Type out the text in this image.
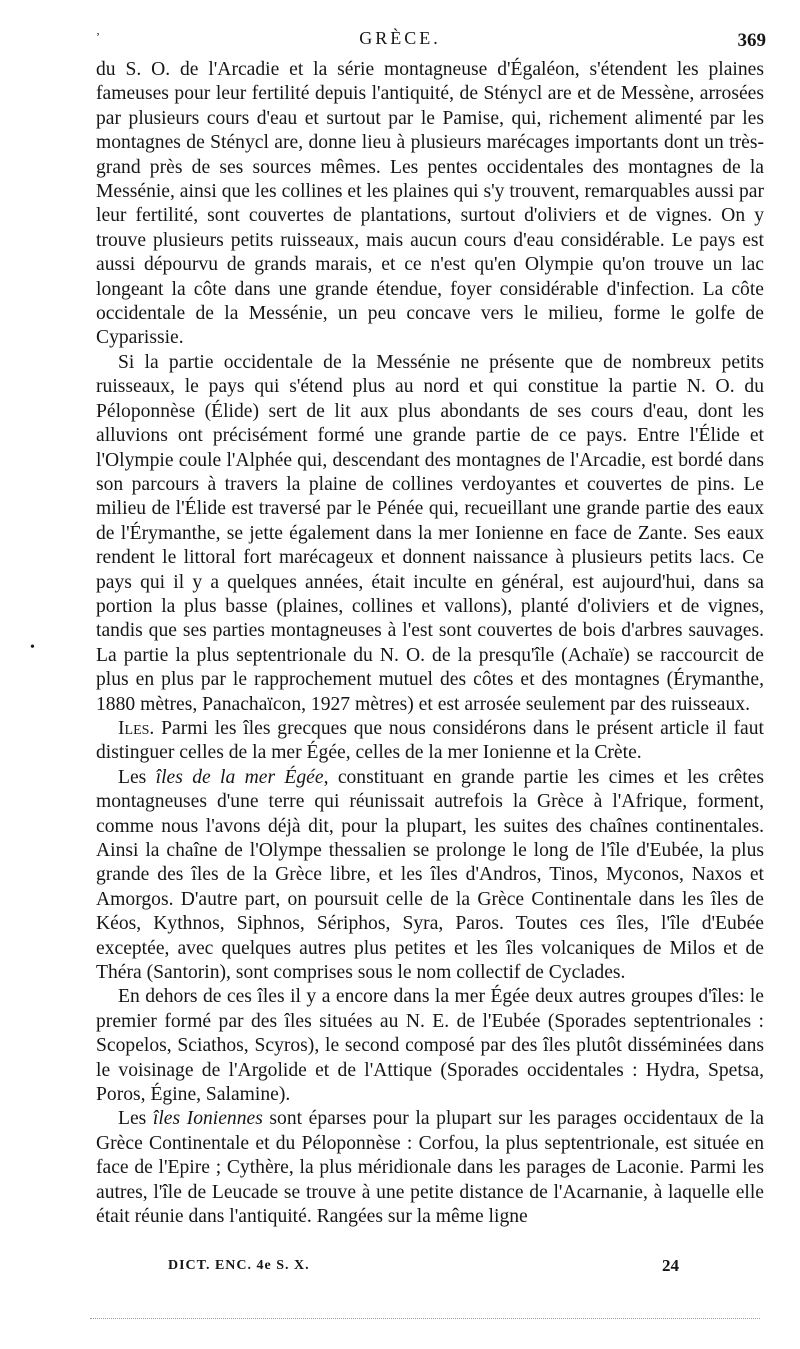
ʼ	GRÈCE.	369
•

du S. O. de l'Arcadie et la série montagneuse d'Égaléon, s'étendent les plaines fameuses pour leur fertilité depuis l'antiquité, de Sténycl are et de Messène, arrosées par plusieurs cours d'eau et surtout par le Pamise, qui, richement alimenté par les montagnes de Sténycl are, donne lieu à plusieurs marécages importants dont un très-grand près de ses sources mêmes. Les pentes occidentales des montagnes de la Messénie, ainsi que les collines et les plaines qui s'y trouvent, remarquables aussi par leur fertilité, sont couvertes de plantations, surtout d'oliviers et de vignes. On y trouve plusieurs petits ruisseaux, mais aucun cours d'eau considérable. Le pays est aussi dépourvu de grands marais, et ce n'est qu'en Olympie qu'on trouve un lac longeant la côte dans une grande étendue, foyer considérable d'infection. La côte occidentale de la Messénie, un peu concave vers le milieu, forme le golfe de Cyparissie.

Si la partie occidentale de la Messénie ne présente que de nombreux petits ruisseaux, le pays qui s'étend plus au nord et qui constitue la partie N. O. du Péloponnèse (Élide) sert de lit aux plus abondants de ses cours d'eau, dont les alluvions ont précisément formé une grande partie de ce pays. Entre l'Élide et l'Olympie coule l'Alphée qui, descendant des montagnes de l'Arcadie, est bordé dans son parcours à travers la plaine de collines verdoyantes et couvertes de pins. Le milieu de l'Élide est traversé par le Pénée qui, recueillant une grande partie des eaux de l'Érymanthe, se jette également dans la mer Ionienne en face de Zante. Ses eaux rendent le littoral fort marécageux et donnent naissance à plusieurs petits lacs. Ce pays qui il y a quelques années, était inculte en général, est aujourd'hui, dans sa portion la plus basse (plaines, collines et vallons), planté d'oliviers et de vignes, tandis que ses parties montagneuses à l'est sont couvertes de bois d'arbres sauvages. La partie la plus septentrionale du N. O. de la presqu'île (Achaïe) se raccourcit de plus en plus par le rapprochement mutuel des côtes et des montagnes (Érymanthe, 1880 mètres, Panachaïcon, 1927 mètres) et est arrosée seulement par des ruisseaux.

Iles. Parmi les îles grecques que nous considérons dans le présent article il faut distinguer celles de la mer Égée, celles de la mer Ionienne et la Crète.

Les îles de la mer Égée, constituant en grande partie les cimes et les crêtes montagneuses d'une terre qui réunissait autrefois la Grèce à l'Afrique, forment, comme nous l'avons déjà dit, pour la plupart, les suites des chaînes continentales. Ainsi la chaîne de l'Olympe thessalien se prolonge le long de l'île d'Eubée, la plus grande des îles de la Grèce libre, et les îles d'Andros, Tinos, Myconos, Naxos et Amorgos. D'autre part, on poursuit celle de la Grèce Continentale dans les îles de Kéos, Kythnos, Siphnos, Sériphos, Syra, Paros. Toutes ces îles, l'île d'Eubée exceptée, avec quelques autres plus petites et les îles volcaniques de Milos et de Théra (Santorin), sont comprises sous le nom collectif de Cyclades.

En dehors de ces îles il y a encore dans la mer Égée deux autres groupes d'îles: le premier formé par des îles situées au N. E. de l'Eubée (Sporades septentrionales : Scopelos, Sciathos, Scyros), le second composé par des îles plutôt disséminées dans le voisinage de l'Argolide et de l'Attique (Sporades occidentales : Hydra, Spetsa, Poros, Égine, Salamine).

Les îles Ioniennes sont éparses pour la plupart sur les parages occidentaux de la Grèce Continentale et du Péloponnèse : Corfou, la plus septentrionale, est située en face de l'Epire ; Cythère, la plus méridionale dans les parages de Laconie. Parmi les autres, l'île de Leucade se trouve à une petite distance de l'Acarnanie, à laquelle elle était réunie dans l'antiquité. Rangées sur la même ligne

DICT. ENC. 4e S. X.	24
